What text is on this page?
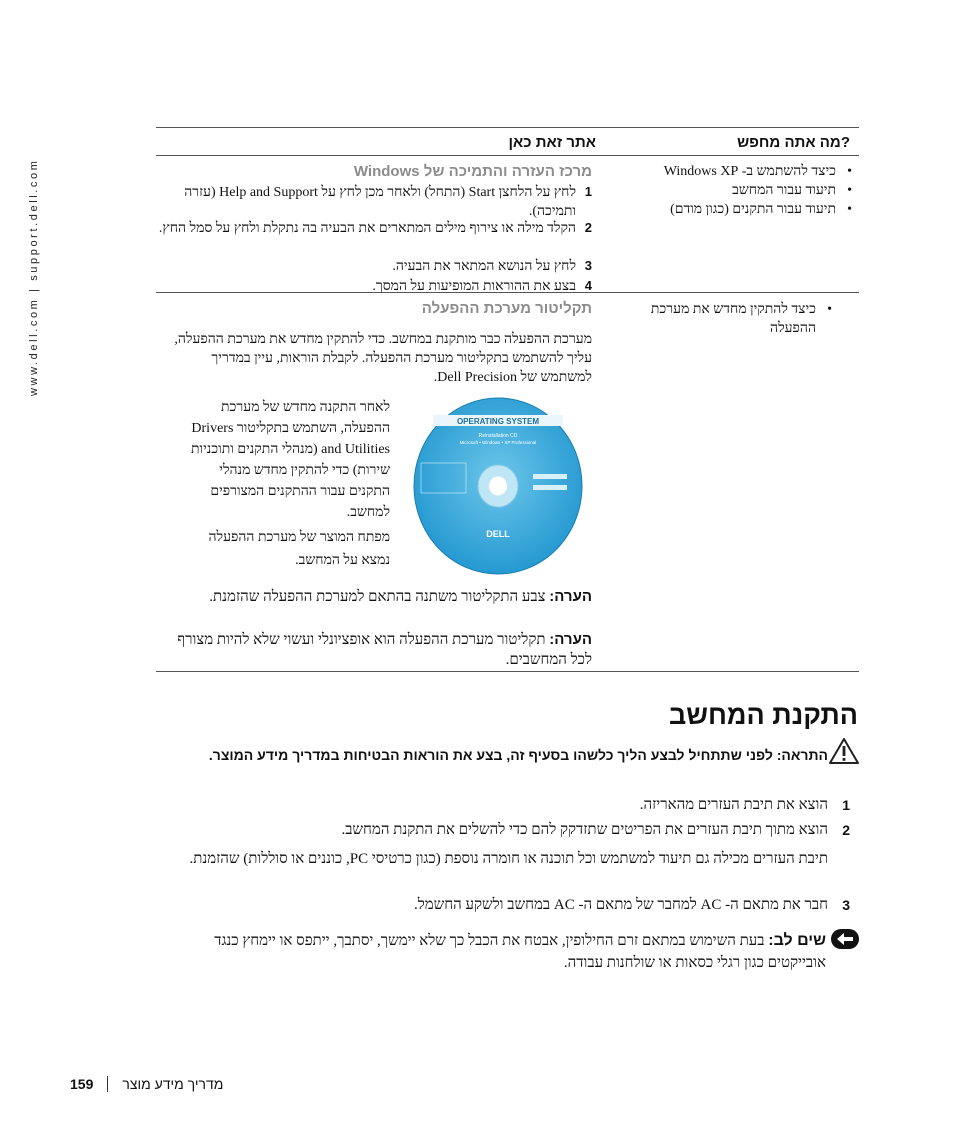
www.dell.com | support.dell.com
?מה אתה מחפש
אתר זאת כאן
• כיצד להשתמש ב- Windows XP
• תיעוד עבור המחשב
• תיעוד עבור התקנים (כגון מודם)
מרכז העזרה והתמיכה של Windows
1
לחץ על הלחצן Start (התחל) ולאחר מכן לחץ על Help and Support (עזרה ותמיכה).
2
הקלד מילה או צירוף מילים המתארים את הבעיה בה נתקלת ולחץ על סמל החץ.
3
לחץ על הנושא המתאר את הבעיה.
4
בצע את ההוראות המופיעות על המסך.
• כיצד להתקין מחדש את מערכת ההפעלה
תקליטור מערכת ההפעלה
מערכת ההפעלה כבר מותקנת במחשב. כדי להתקין מחדש את מערכת ההפעלה, עליך להשתמש בתקליטור מערכת ההפעלה. לקבלת הוראות, עיין במדריך למשתמש של Dell Precision.
OPERATING SYSTEM
Reinstallation CD
Microsoft • Windows • XP Professional
DELL
לאחר התקנה מחדש של מערכת ההפעלה, השתמש בתקליטור Drivers and Utilities (מנהלי התקנים ותוכניות שירות) כדי להתקין מחדש מנהלי התקנים עבור ההתקנים המצורפים למחשב.
מפתח המוצר של מערכת ההפעלה נמצא על המחשב.
הערה: צבע התקליטור משתנה בהתאם למערכת ההפעלה שהזמנת.
הערה: תקליטור מערכת ההפעלה הוא אופציונלי ועשוי שלא להיות מצורף לכל המחשבים.
התקנת המחשב
התראה: לפני שתתחיל לבצע הליך כלשהו בסעיף זה, בצע את הוראות הבטיחות במדריך מידע המוצר.
1
הוצא את תיבת העזרים מהאריזה.
2
הוצא מתוך תיבת העזרים את הפריטים שתזדקק להם כדי להשלים את התקנת המחשב.
תיבת העזרים מכילה גם תיעוד למשתמש וכל תוכנה או חומרה נוספת (כגון כרטיסי PC, כוננים או סוללות) שהזמנת.
3
חבר את מתאם ה- AC למחבר של מתאם ה- AC במחשב ולשקע החשמל.
שים לב: בעת השימוש במתאם זרם החילופין, אבטח את הכבל כך שלא יימשך, יסתבך, ייתפס או יימחץ כנגד אובייקטים כגון רגלי כסאות או שולחנות עבודה.
159 מדריך מידע מוצר
